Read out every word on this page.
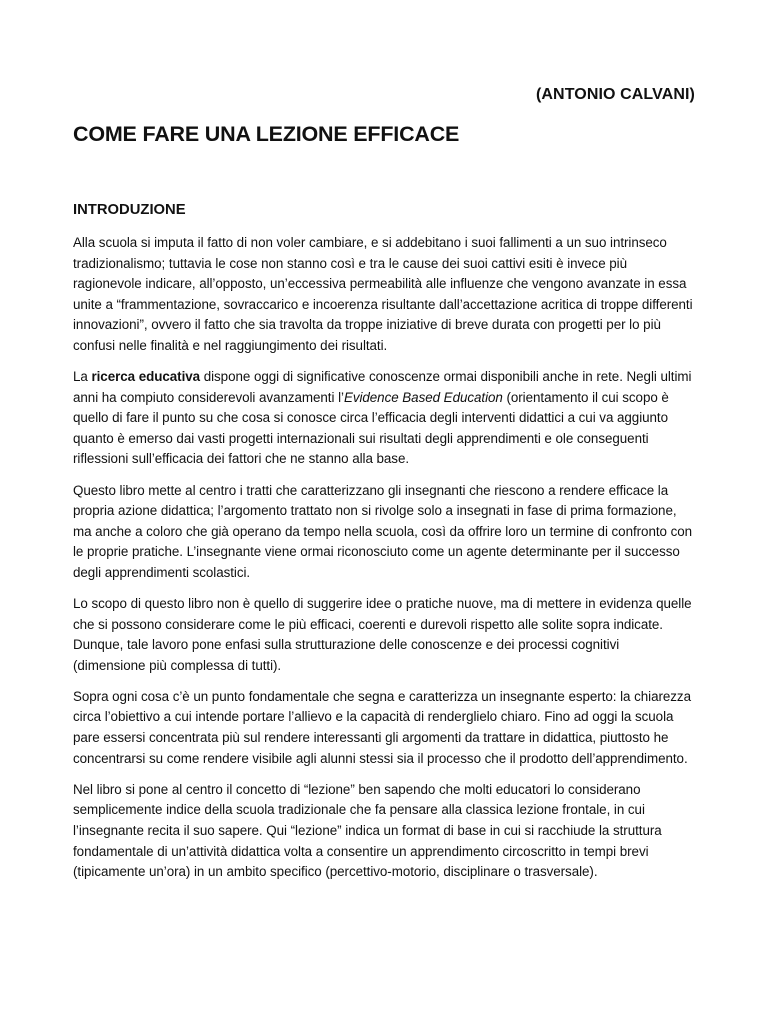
(ANTONIO CALVANI)
COME FARE UNA LEZIONE EFFICACE
INTRODUZIONE

Alla scuola si imputa il fatto di non voler cambiare, e si addebitano i suoi fallimenti a un suo intrinseco tradizionalismo; tuttavia le cose non stanno così e tra le cause dei suoi cattivi esiti è invece più ragionevole indicare, all’opposto, un’eccessiva permeabilità alle influenze che vengono avanzate in essa unite a “frammentazione, sovraccarico e incoerenza risultante dall’accettazione acritica di troppe differenti innovazioni”, ovvero il fatto che sia travolta da troppe iniziative di breve durata con progetti per lo più confusi nelle finalità e nel raggiungimento dei risultati.

La ricerca educativa dispone oggi di significative conoscenze ormai disponibili anche in rete. Negli ultimi anni ha compiuto considerevoli avanzamenti l’Evidence Based Education (orientamento il cui scopo è quello di fare il punto su che cosa si conosce circa l’efficacia degli interventi didattici a cui va aggiunto quanto è emerso dai vasti progetti internazionali sui risultati degli apprendimenti e ole conseguenti riflessioni sull’efficacia dei fattori che ne stanno alla base.

Questo libro mette al centro i tratti che caratterizzano gli insegnanti che riescono a rendere efficace la propria azione didattica; l’argomento trattato non si rivolge solo a insegnati in fase di prima formazione, ma anche a coloro che già operano da tempo nella scuola, così da offrire loro un termine di confronto con le proprie pratiche. L’insegnante viene ormai riconosciuto come un agente determinante per il successo degli apprendimenti scolastici.

Lo scopo di questo libro non è quello di suggerire idee o pratiche nuove, ma di mettere in evidenza quelle che si possono considerare come le più efficaci, coerenti e durevoli rispetto alle solite sopra indicate. Dunque, tale lavoro pone enfasi sulla strutturazione delle conoscenze e dei processi cognitivi (dimensione più complessa di tutti).

Sopra ogni cosa c’è un punto fondamentale che segna e caratterizza un insegnante esperto: la chiarezza circa l’obiettivo a cui intende portare l’allievo e la capacità di renderglielo chiaro. Fino ad oggi la scuola pare essersi concentrata più sul rendere interessanti gli argomenti da trattare in didattica, piuttosto he concentrarsi su come rendere visibile agli alunni stessi sia il processo che il prodotto dell’apprendimento.

Nel libro si pone al centro il concetto di “lezione” ben sapendo che molti educatori lo considerano semplicemente indice della scuola tradizionale che fa pensare alla classica lezione frontale, in cui l’insegnante recita il suo sapere. Qui “lezione” indica un format di base in cui si racchiude la struttura fondamentale di un’attività didattica volta a consentire un apprendimento circoscritto in tempi brevi (tipicamente un’ora) in un ambito specifico (percettivo-motorio, disciplinare o trasversale).
